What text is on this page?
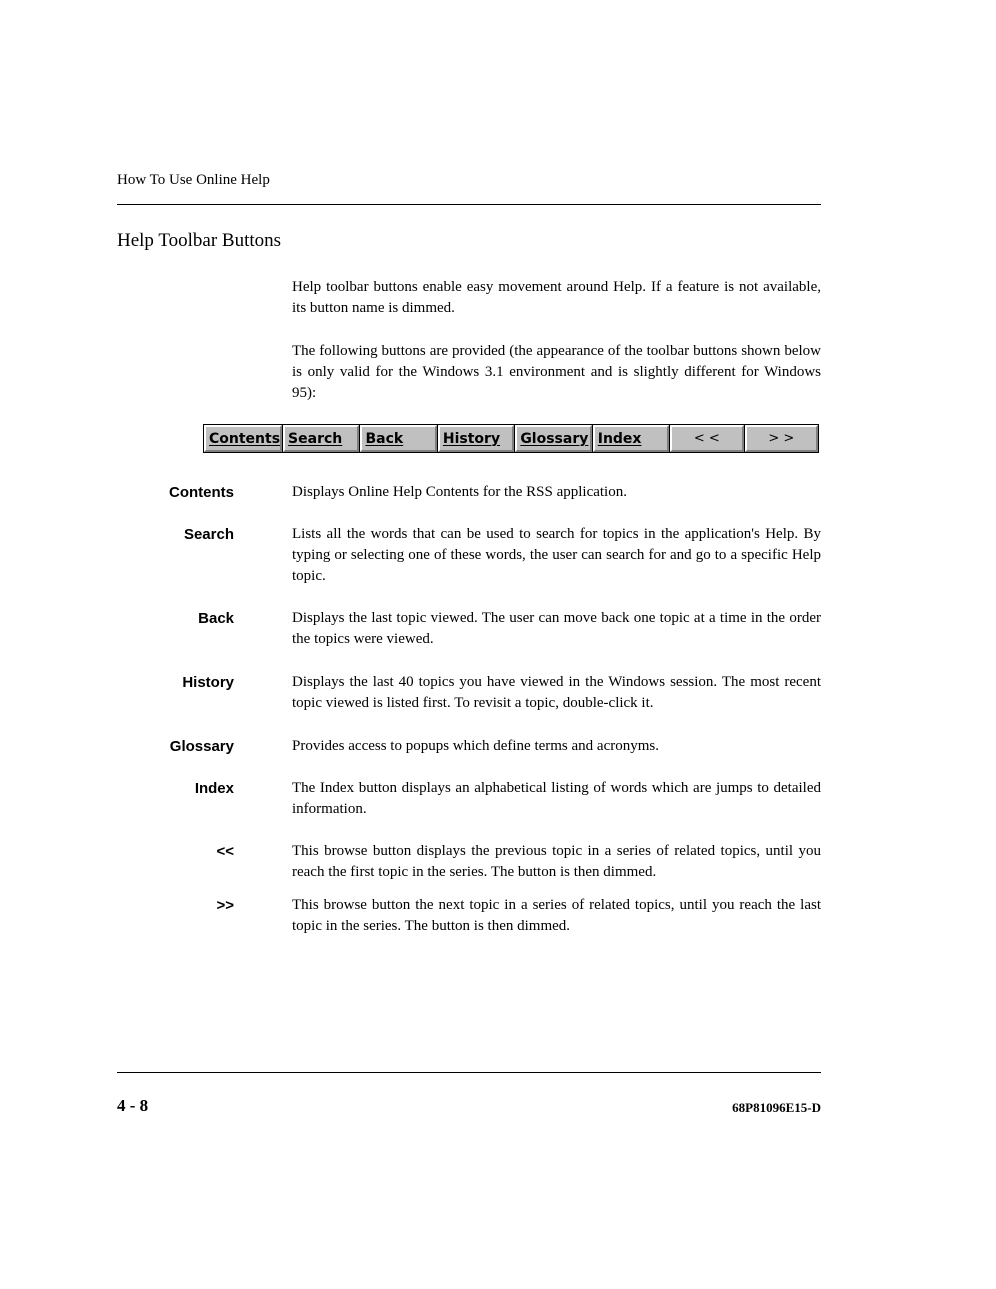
How To Use Online Help
Help Toolbar Buttons
Help toolbar buttons enable easy movement around Help. If a feature is not available, its button name is dimmed.
The following buttons are provided (the appearance of the toolbar buttons shown below is only valid for the Windows 3.1 environment and is slightly different for Windows 95):
Contents Search Back	History Glossary Index	< <	> >
Contents	Displays Online Help Contents for the RSS application.
Search	Lists all the words that can be used to search for topics in the application's Help. By typing or selecting one of these words, the user can search for and go to a specific Help topic.
Back	Displays the last topic viewed. The user can move back one topic at a time in the order the topics were viewed.
History	Displays the last 40 topics you have viewed in the Windows session. The most recent topic viewed is listed first. To revisit a topic, double-click it.
Glossary	Provides access to popups which define terms and acronyms.
Index	The Index button displays an alphabetical listing of words which are jumps to detailed information.
<<	This browse button displays the previous topic in a series of related topics, until you reach the first topic in the series. The button is then dimmed.
>>	This browse button the next topic in a series of related topics, until you reach the last topic in the series. The button is then dimmed.
4 - 8	68P81096E15-D
